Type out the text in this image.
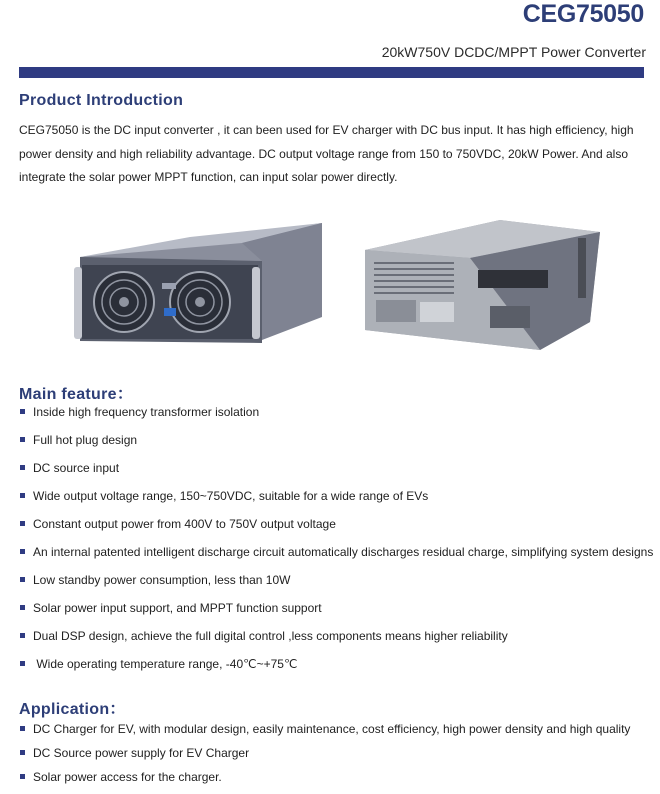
CEG75050
20kW750V DCDC/MPPT Power Converter
Product Introduction
CEG75050 is the DC input converter , it can been used for EV charger with DC bus input. It has high efficiency, high power density and high reliability advantage. DC output voltage range from 150 to 750VDC, 20kW Power. And also integrate the solar power MPPT function, can input solar power directly.
Main feature：
Inside high frequency transformer isolation
Full hot plug design
DC source input
Wide output voltage range, 150~750VDC, suitable for a wide range of EVs
Constant output power from 400V to 750V output voltage
An internal patented intelligent discharge circuit automatically discharges residual charge, simplifying system designs
Low standby power consumption, less than 10W
Solar power input support, and MPPT function support
Dual DSP design, achieve the full digital control ,less components means higher reliability
Wide operating temperature range, -40℃~+75℃
Application：
DC Charger for EV, with modular design, easily maintenance, cost efficiency, high power density and high quality
DC Source power supply for EV Charger
Solar power access for the charger.
